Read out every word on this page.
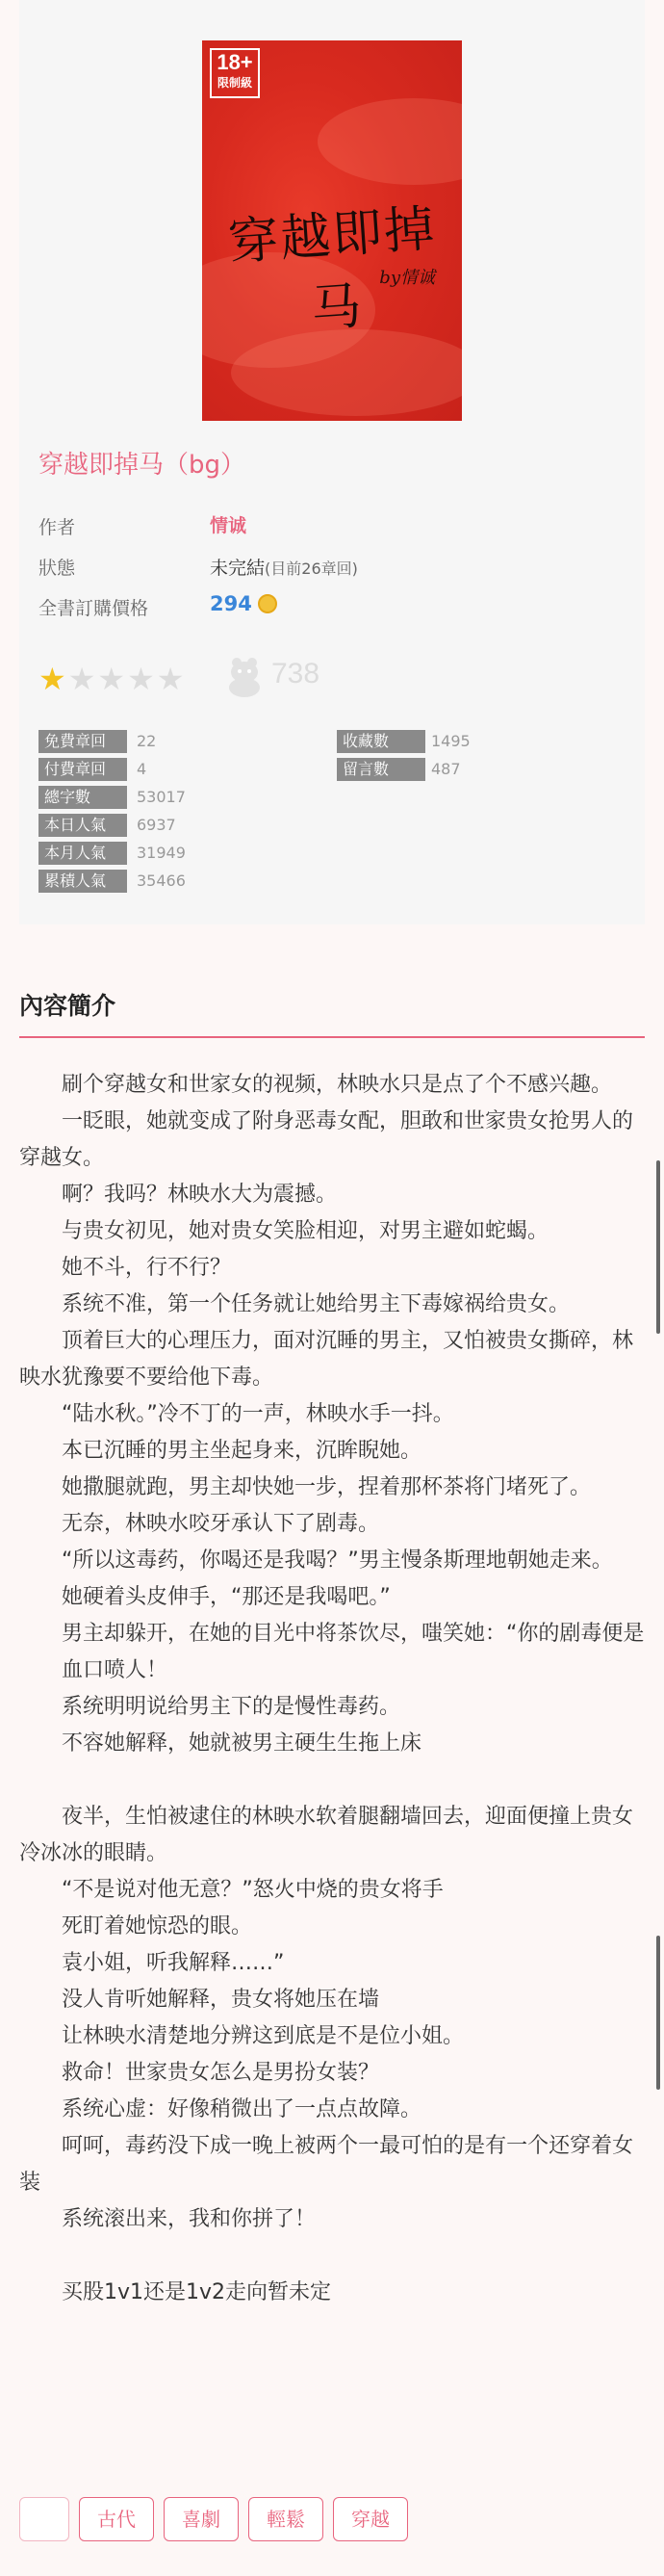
18+
限制級
穿越即掉马 by情诚
穿越即掉马（bg）
作者	情诚
狀態	未完結(目前26章回)
全書訂購價格	294
★★★★★	738
免費章回	22
付費章回	4
總字數	53017
本日人氣	6937
本月人氣	31949
累積人氣	35466
收藏數	1495
留言數	487
內容簡介

刷个穿越女和世家女的视频，林映水只是点了个不感兴趣。

一眨眼，她就变成了附身恶毒女配，胆敢和世家贵女抢男人的穿越女。

啊？我吗？林映水大为震撼。

与贵女初见，她对贵女笑脸相迎，对男主避如蛇蝎。

她不斗，行不行？

系统不准，第一个任务就让她给男主下毒嫁祸给贵女。

顶着巨大的心理压力，面对沉睡的男主，又怕被贵女撕碎，林映水犹豫要不要给他下毒。

“陆水秋。”冷不丁的一声，林映水手一抖。

本已沉睡的男主坐起身来，沉眸睨她。

她撒腿就跑，男主却快她一步，捏着那杯茶将门堵死了。

无奈，林映水咬牙承认下了剧毒。

“所以这毒药，你喝还是我喝？”男主慢条斯理地朝她走来。

她硬着头皮伸手，“那还是我喝吧。”

男主却躲开，在她的目光中将茶饮尽，嗤笑她：“你的剧毒便是

血口喷人！

系统明明说给男主下的是慢性毒药。

不容她解释，她就被男主硬生生拖上床

夜半，生怕被逮住的林映水软着腿翻墙回去，迎面便撞上贵女冷冰冰的眼睛。

“不是说对他无意？”怒火中烧的贵女将手

死盯着她惊恐的眼。

袁小姐，听我解释……”

没人肯听她解释，贵女将她压在墙

让林映水清楚地分辨这到底是不是位小姐。

救命！世家贵女怎么是男扮女装？

系统心虚：好像稍微出了一点点故障。

呵呵，毒药没下成一晚上被两个一最可怕的是有一个还穿着女装

系统滚出来，我和你拼了！

买股1v1还是1v2走向暂未定

古代	喜劇	輕鬆	穿越
